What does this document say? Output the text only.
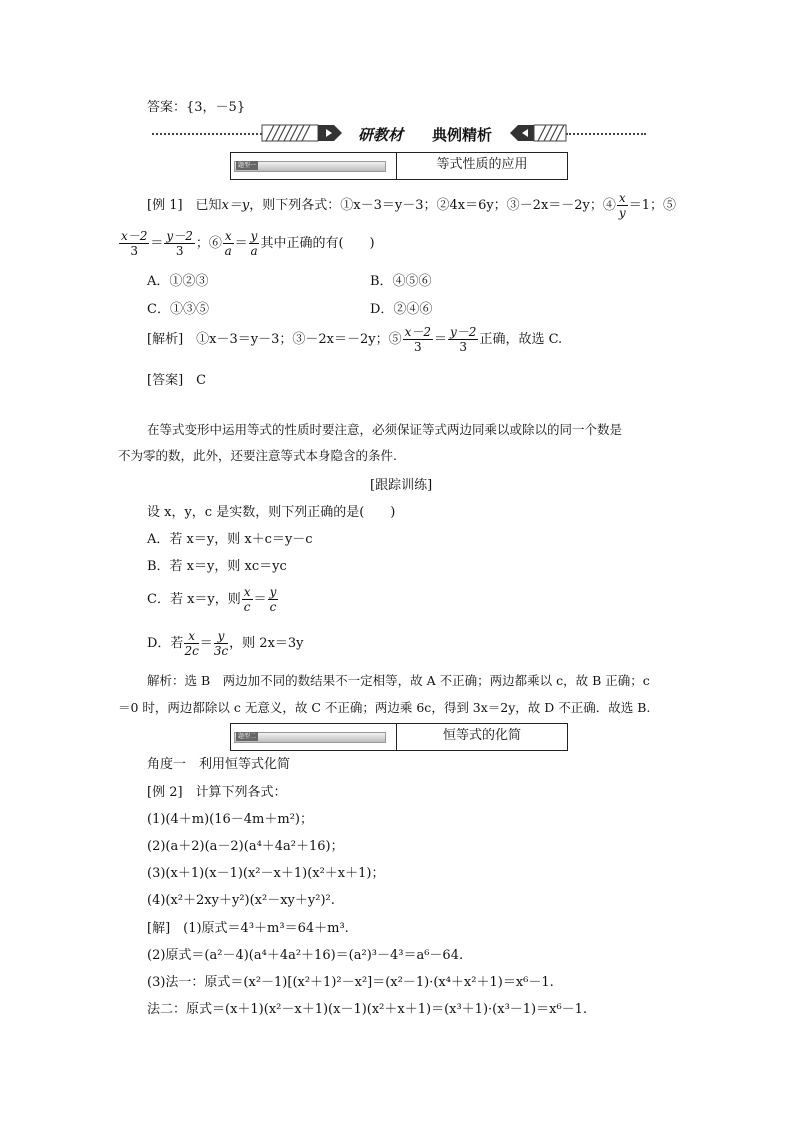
答案：{3，－5}
研教材 典例精析
题型一	等式性质的应用
[例 1]　已知x＝y，则下列各式：①x－3＝y－3；②4x＝6y；③－2x＝－2y；④ $\frac{x}{y} =1$；⑤
$\frac{x-2}{3} = \frac{y-2}{3}$ ；⑥ $\frac{x}{a} = \frac{y}{a}$ 其中正确的有(　　)
A．①②③	B．④⑤⑥
C．①③⑤	D．②④⑥
[解析]　①x－3＝y－3；③－2x＝－2y；⑤ $\frac{x-2}{3} = \frac{y-2}{3}$ 正确，故选 C.
[答案]　C
在等式变形中运用等式的性质时要注意，必须保证等式两边同乘以或除以的同一个数是
不为零的数，此外，还要注意等式本身隐含的条件.
[跟踪训练]
设 x，y，c 是实数，则下列正确的是(　　)
A．若 x＝y，则 x＋c＝y－c
B．若 x＝y，则 xc＝yc
C．若 x＝y，则 $\frac{x}{c} = \frac{y}{c}$
D．若 $\frac{x}{2c} = \frac{y}{3c}$ ，则 2x＝3y
解析：选 B　两边加不同的数结果不一定相等，故 A 不正确；两边都乘以 c，故 B 正确；c
＝0 时，两边都除以 c 无意义，故 C 不正确；两边乘 6c，得到 3x＝2y，故 D 不正确．故选 B.
题型二	恒等式的化简
角度一　利用恒等式化简
[例 2]　计算下列各式：
(1)(4＋m)(16－4m＋m²)；
(2)(a＋2)(a－2)(a⁴＋4a²＋16)；
(3)(x＋1)(x－1)(x²－x＋1)(x²＋x＋1)；
(4)(x²＋2xy＋y²)(x²－xy＋y²)².
[解]　(1)原式＝4³＋m³＝64＋m³.
(2)原式＝(a²－4)(a⁴＋4a²＋16)＝(a²)³－4³＝a⁶－64.
(3)法一：原式＝(x²－1)[(x²＋1)²－x²]＝(x²－1)·(x⁴＋x²＋1)＝x⁶－1.
法二：原式＝(x＋1)(x²－x＋1)(x－1)(x²＋x＋1)＝(x³＋1)·(x³－1)＝x⁶－1.
